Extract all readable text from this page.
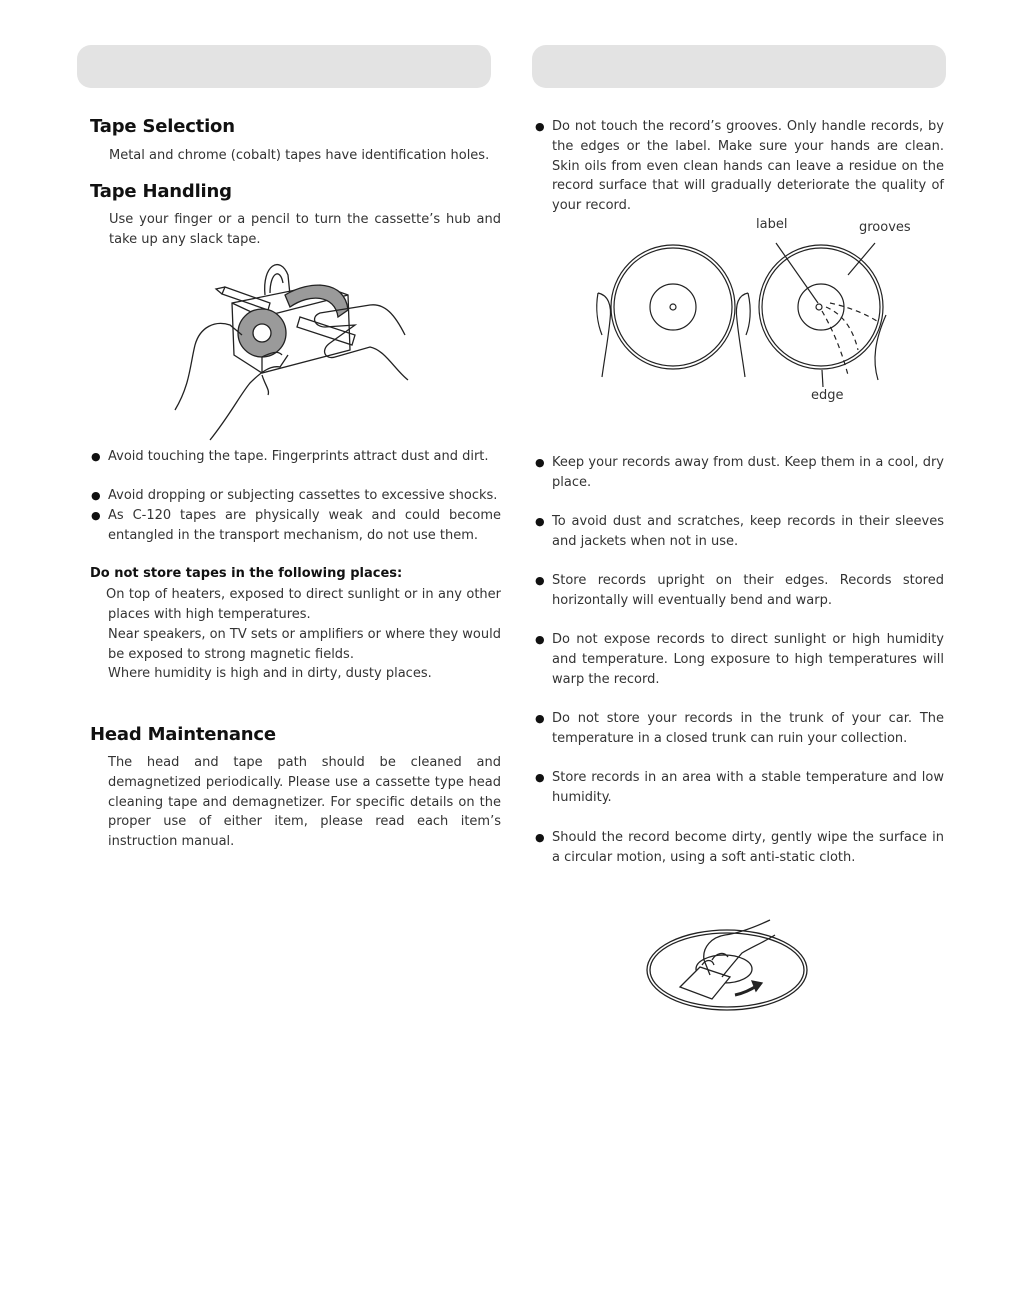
Tape Selection

Metal and chrome (cobalt) tapes have identification holes.

Tape Handling

Use your finger or a pencil to turn the cassette’s hub and take up any slack tape.

● Avoid touching the tape. Fingerprints attract dust and dirt.
● Avoid dropping or subjecting cassettes to excessive shocks.
● As C-120 tapes are physically weak and could become entangled in the transport mechanism, do not use them.
Do not store tapes in the following places:

On top of heaters, exposed to direct sunlight or in any other places with high temperatures.

Near speakers, on TV sets or amplifiers or where they would be exposed to strong magnetic fields.

Where humidity is high and in dirty, dusty places.

Head Maintenance

The head and tape path should be cleaned and demagnetized periodically. Please use a cassette type head cleaning tape and demagnetizer. For specific details on the proper use of either item, please read each item’s instruction manual.

● Do not touch the record’s grooves. Only handle records, by the edges or the label. Make sure your hands are clean. Skin oils from even clean hands can leave a residue on the record surface that will gradually deteriorate the quality of your record.
label	grooves
edge
● Keep your records away from dust. Keep them in a cool, dry place.
● To avoid dust and scratches, keep records in their sleeves and jackets when not in use.
● Store records upright on their edges. Records stored horizontally will eventually bend and warp.
● Do not expose records to direct sunlight or high humidity and temperature. Long exposure to high temperatures will warp the record.
● Do not store your records in the trunk of your car. The temperature in a closed trunk can ruin your collection.
● Store records in an area with a stable temperature and low humidity.
● Should the record become dirty, gently wipe the surface in a circular motion, using a soft anti-static cloth.
